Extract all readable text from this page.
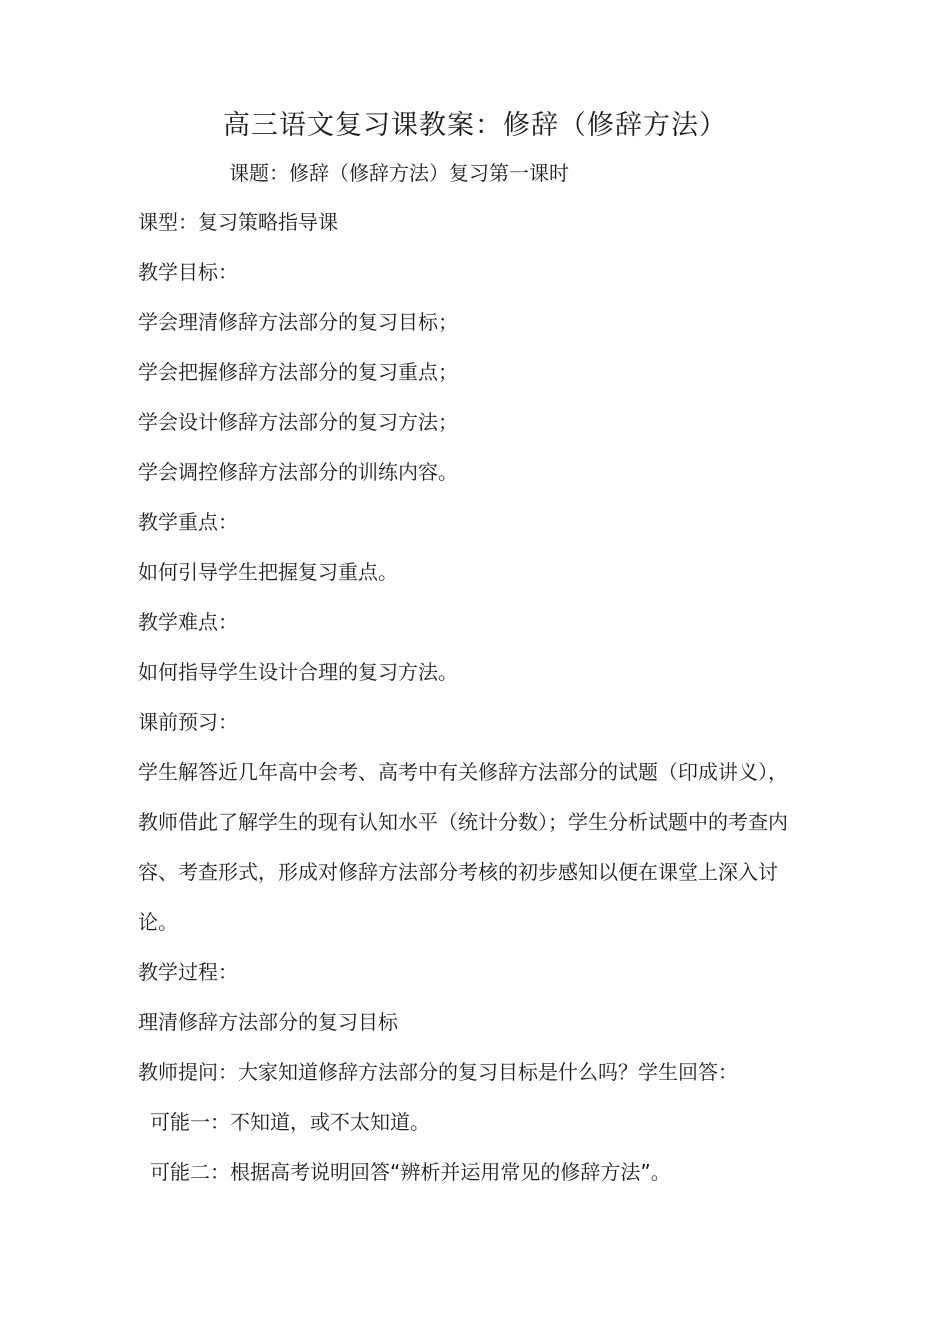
高三语文复习课教案：修辞（修辞方法）
课题：修辞（修辞方法）复习第一课时
课型：复习策略指导课
教学目标：
学会理清修辞方法部分的复习目标；
学会把握修辞方法部分的复习重点；
学会设计修辞方法部分的复习方法；
学会调控修辞方法部分的训练内容。
教学重点：
如何引导学生把握复习重点。
教学难点：
如何指导学生设计合理的复习方法。
课前预习：
学生解答近几年高中会考、高考中有关修辞方法部分的试题（印成讲义），教师借此了解学生的现有认知水平（统计分数）；学生分析试题中的考查内容、考查形式，形成对修辞方法部分考核的初步感知以便在课堂上深入讨论。
教学过程：
理清修辞方法部分的复习目标
教师提问：大家知道修辞方法部分的复习目标是什么吗？学生回答：
可能一：不知道，或不太知道。
可能二：根据高考说明回答“辨析并运用常见的修辞方法”。
